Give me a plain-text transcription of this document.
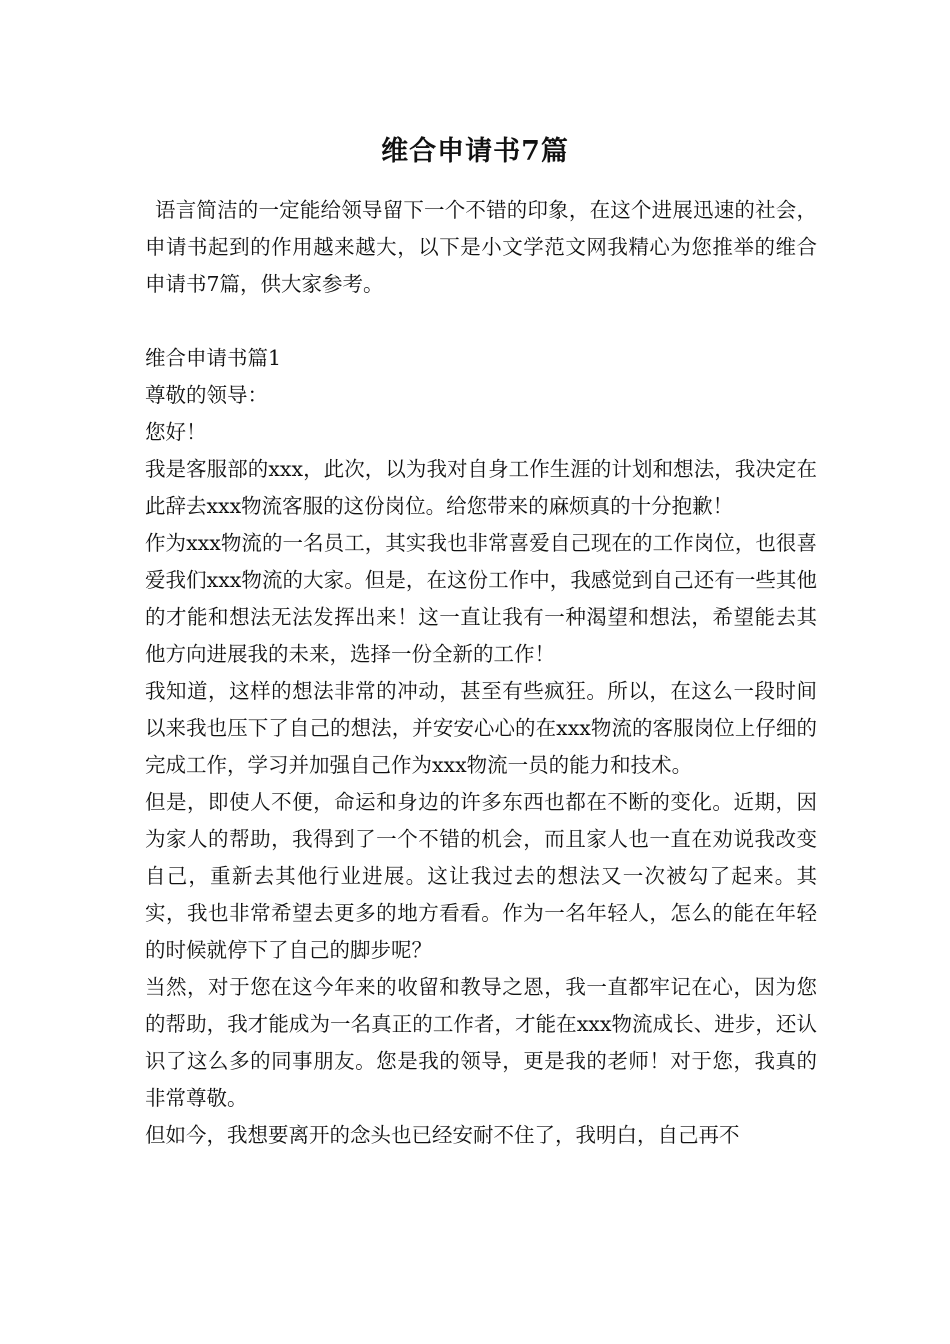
维合申请书7篇

语言简洁的一定能给领导留下一个不错的印象，在这个进展迅速的社会，申请书起到的作用越来越大，以下是小文学范文网我精心为您推举的维合申请书7篇，供大家参考。

维合申请书篇1

尊敬的领导：

您好！

我是客服部的xxx，此次，以为我对自身工作生涯的计划和想法，我决定在此辞去xxx物流客服的这份岗位。给您带来的麻烦真的十分抱歉！

作为xxx物流的一名员工，其实我也非常喜爱自己现在的工作岗位，也很喜爱我们xxx物流的大家。但是，在这份工作中，我感觉到自己还有一些其他的才能和想法无法发挥出来！这一直让我有一种渴望和想法，希望能去其他方向进展我的未来，选择一份全新的工作！

我知道，这样的想法非常的冲动，甚至有些疯狂。所以，在这么一段时间以来我也压下了自己的想法，并安安心心的在xxx物流的客服岗位上仔细的完成工作，学习并加强自己作为xxx物流一员的能力和技术。

但是，即使人不便，命运和身边的许多东西也都在不断的变化。近期，因为家人的帮助，我得到了一个不错的机会，而且家人也一直在劝说我改变自己，重新去其他行业进展。这让我过去的想法又一次被勾了起来。其实，我也非常希望去更多的地方看看。作为一名年轻人，怎么的能在年轻的时候就停下了自己的脚步呢？

当然，对于您在这今年来的收留和教导之恩，我一直都牢记在心，因为您的帮助，我才能成为一名真正的工作者，才能在xxx物流成长、进步，还认识了这么多的同事朋友。您是我的领导，更是我的老师！对于您，我真的非常尊敬。

但如今，我想要离开的念头也已经安耐不住了，我明白，自己再不
